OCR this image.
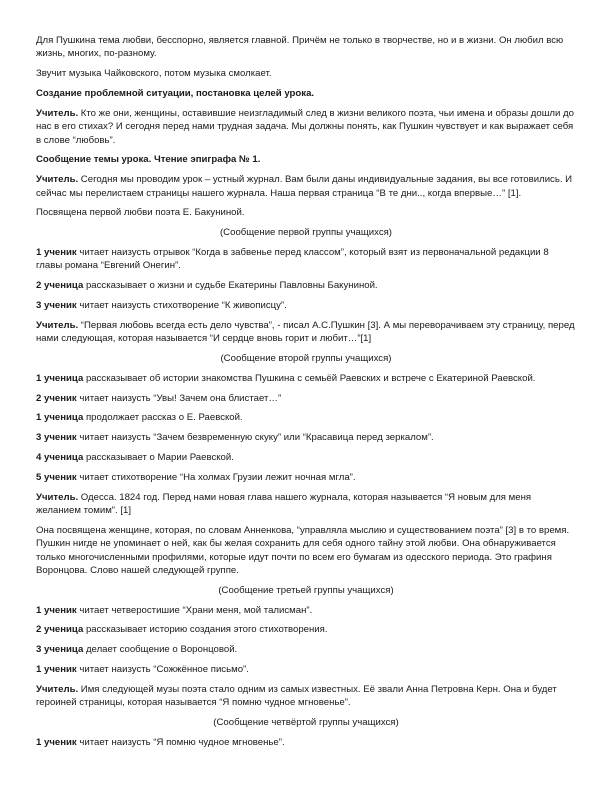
Для Пушкина тема любви, бесспорно, является главной. Причём не только в творчестве, но и в жизни. Он любил всю жизнь, многих, по-разному.

Звучит музыка Чайковского, потом музыка смолкает.

Создание проблемной ситуации, постановка целей урока.

Учитель. Кто же они, женщины, оставившие неизгладимый след в жизни великого поэта, чьи имена и образы дошли до нас в его стихах? И сегодня перед нами трудная задача. Мы должны понять, как Пушкин чувствует и как выражает себя в слове “любовь”.

Сообщение темы урока. Чтение эпиграфа № 1.

Учитель. Сегодня мы проводим урок – устный журнал. Вам были даны индивидуальные задания, вы все готовились. И сейчас мы перелистаем страницы нашего журнала. Наша первая страница “В те дни.., когда впервые…” [1].

Посвящена первой любви поэта Е. Бакуниной.

(Сообщение первой группы учащихся)

1 ученик читает наизусть отрывок “Когда в забвенье перед классом”, который взят из первоначальной редакции 8 главы романа “Евгений Онегин”.

2 ученица рассказывает о жизни и судьбе Екатерины Павловны Бакуниной.

3 ученик читает наизусть стихотворение “К живописцу”.

Учитель. “Первая любовь всегда есть дело чувства”, - писал А.С.Пушкин [3]. А мы переворачиваем эту страницу, перед нами следующая, которая называется “И сердце вновь горит и любит…”[1]

(Сообщение второй группы учащихся)

1 ученица рассказывает об истории знакомства Пушкина с семьёй Раевских и встрече с Екатериной Раевской.

2 ученик читает наизусть “Увы! Зачем она блистает…”

1 ученица продолжает рассказ о Е. Раевской.

3 ученик читает наизусть “Зачем безвременную скуку” или “Красавица перед зеркалом”.

4 ученица рассказывает о Марии Раевской.

5 ученик читает стихотворение “На холмах Грузии лежит ночная мгла”.

Учитель. Одесса. 1824 год. Перед нами новая глава нашего журнала, которая называется “Я новым для меня желанием томим”. [1]

Она посвящена женщине, которая, по словам Анненкова, “управляла мыслию и существованием поэта” [3] в то время. Пушкин нигде не упоминает о ней, как бы желая сохранить для себя одного тайну этой любви. Она обнаруживается только многочисленными профилями, которые идут почти по всем его бумагам из одесского периода. Это графиня Воронцова. Слово нашей следующей группе.

(Сообщение третьей группы учащихся)

1 ученик читает четверостишие “Храни меня, мой талисман”.

2 ученица рассказывает историю создания этого стихотворения.

3 ученица делает сообщение о Воронцовой.

1 ученик читает наизусть “Сожжённое письмо”.

Учитель. Имя следующей музы поэта стало одним из самых известных. Её звали Анна Петровна Керн. Она и будет героиней страницы, которая называется “Я помню чудное мгновенье”.

(Сообщение четвёртой группы учащихся)

1 ученик читает наизусть “Я помню чудное мгновенье”.
